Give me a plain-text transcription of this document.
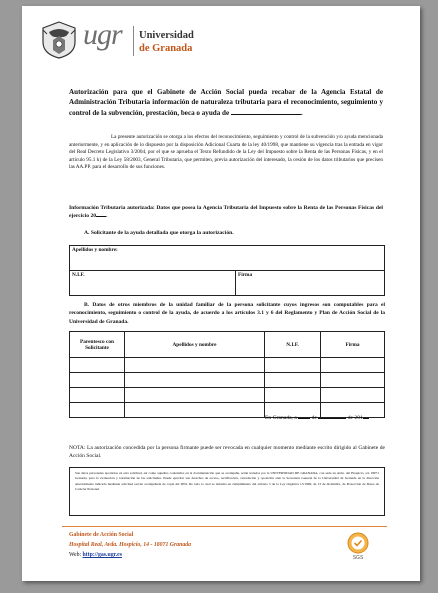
ugr Universidad
de Granada
Autorización para que el Gabinete de Acción Social pueda recabar de la Agencia Estatal de Administración Tributaria información de naturaleza tributaria para el reconocimiento, seguimiento y control de la subvención, prestación, beca o ayuda de	.
La presente autorización se otorga a los efectos del reconocimiento, seguimiento y control de la subvención y/o ayuda mencionada anteriormente, y en aplicación de lo dispuesto por la disposición Adicional Cuarta de la ley 40/1998, que mantiene su vigencia tras la entrada en vigor del Real Decreto Legislativo 3/2004, por el que se aprueba el Texto Refundido de la Ley del Impuesto sobre la Renta de las Personas Físicas, y en el artículo 95.1 k) de la Ley 58/2003, General Tributaria, que permiten, previa autorización del interesado, la cesión de los datos tributarios que precisen las AA.PP. para el desarrollo de sus funciones.
Información Tributaria autorizada: Datos que posea la Agencia Tributaria del Impuesto sobre la Renta de las Personas Físicas del ejercicio 20 .
A. Solicitante de la ayuda detallada que otorga la autorización.
Apellidos y nombre:
N.I.F.	Firma
B. Datos de otros miembros de la unidad familiar de la persona solicitante cuyos ingresos son computables para el reconocimiento, seguimiento o control de la ayuda, de acuerdo a los artículos 3.1 y 6 del Reglamento y Plan de Acción Social de la Universidad de Granada.
Parentesco con Solicitante	Apellidos y nombre	N.I.F.	Firma

En Granada, a	de	de 201
NOTA: La autorización concedida por la persona firmante puede ser revocada en cualquier momento mediante escrito dirigido al Gabinete de Acción Social.
Sus datos personales aportados en esta solicitud, así como aquellos contenidos en la documentación que se acompaña, serán tratados por la UNIVERSIDAD DE GRANADA, con sede en Avda. del Hospicio, s/n 18071 Granada, para la evaluación y baremación de las solicitudes. Puede ejercitar sus derechos de acceso, rectificación, cancelación y oposición ante la Secretaría General de la Universidad de Granada en la dirección anteriormente indicada mediante solicitud escrita acompañada de copia del DNI. De todo lo cual se informa en cumplimiento del artículo 5 de la Ley Orgánica 15/1999, de 13 de diciembre, de Protección de Datos de Carácter Personal.
Gabinete de Acción Social
Hospital Real, Avda. Hospicio, 14 - 18071 Granada
Web: http://gas.ugr.es	SGS
